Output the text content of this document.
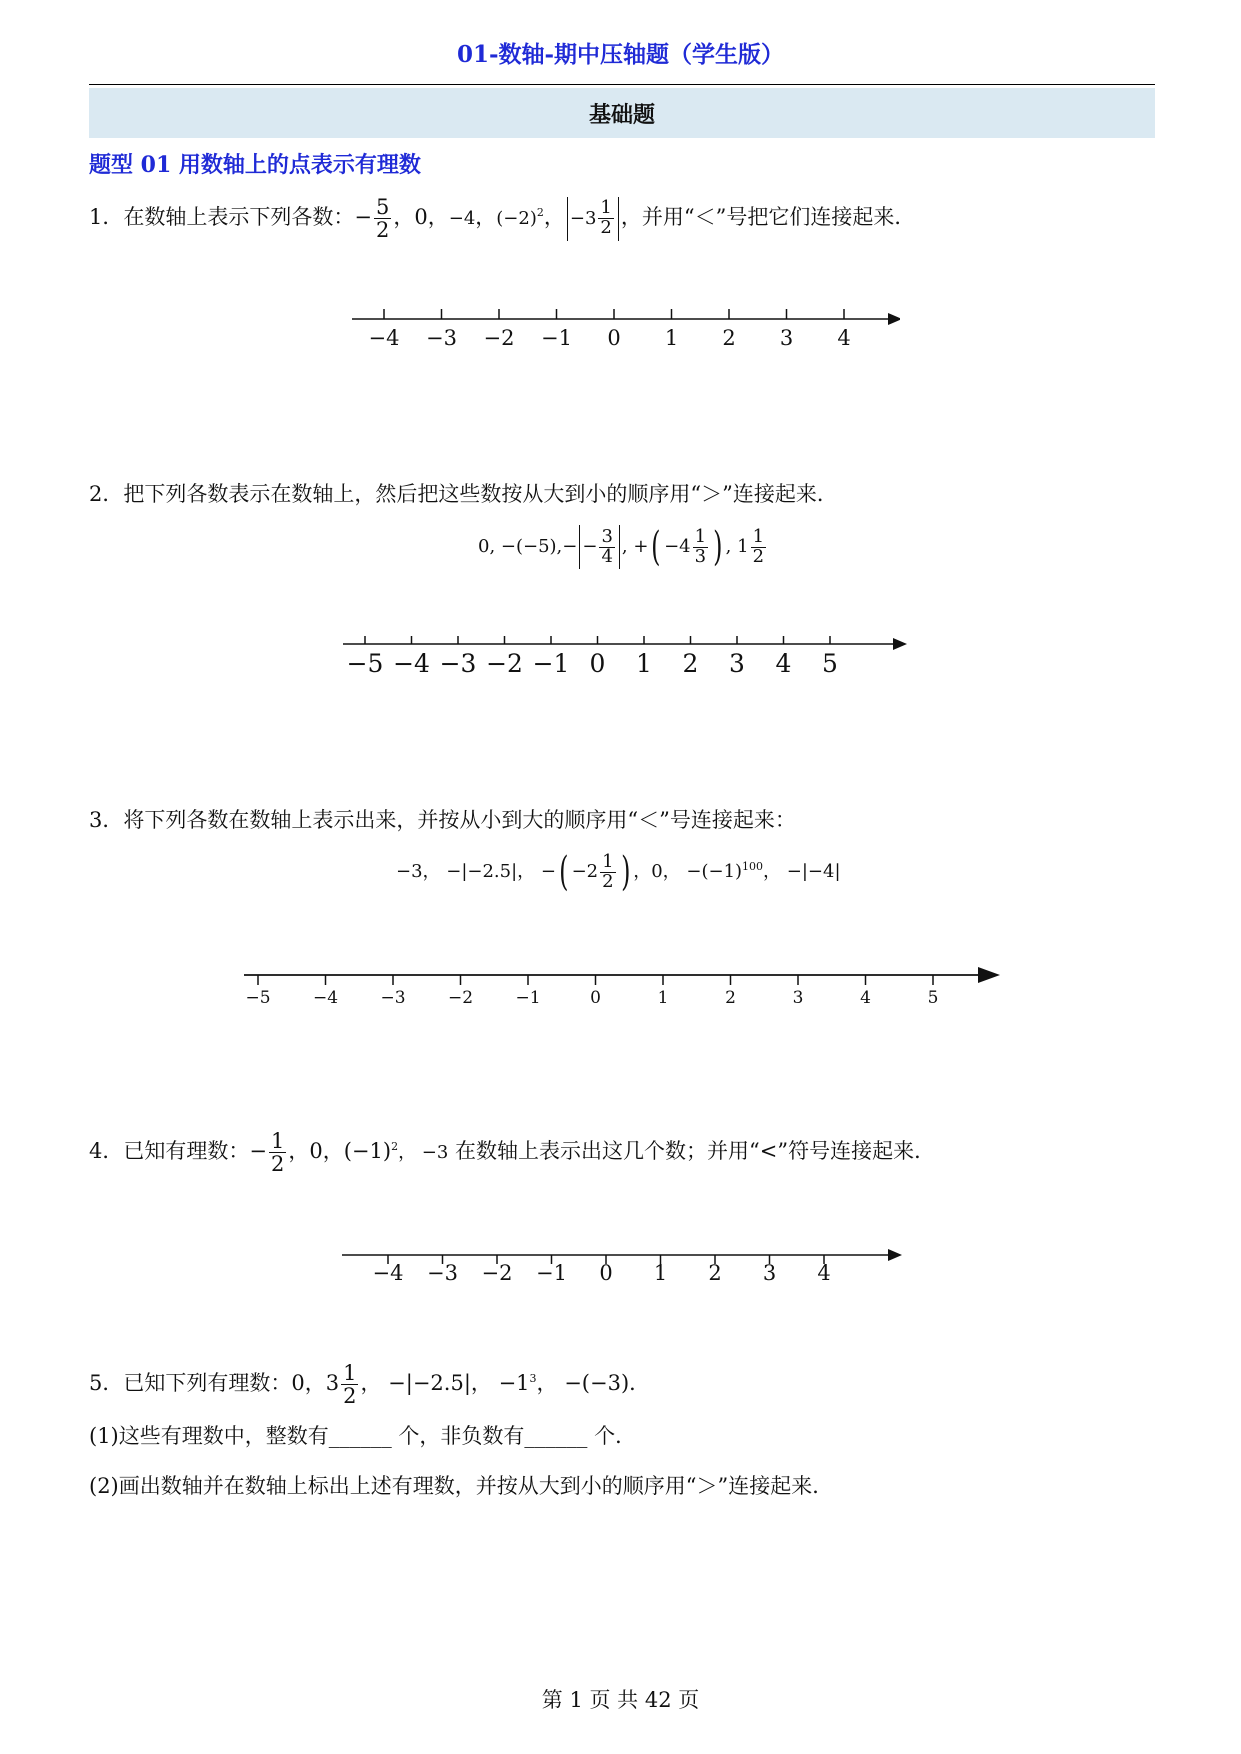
01-数轴-期中压轴题（学生版）
基础题
题型 01 用数轴上的点表示有理数
1．在数轴上表示下列各数：− $\frac{5}{2}$ ，0，−4，$(-2)^2$， $-3 \frac{1}{2}$ ，并用“＜”号把它们连接起来．
−4 −3 −2 −1 0 1 2 3 4
2．把下列各数表示在数轴上，然后把这些数按从大到小的顺序用“＞”连接起来．
0, $-(-5),- - \frac{3}{4}$ , +( $-4 \frac{1}{3}$ ) , $1 \frac{1}{2}$
−5 −4 −3 −2 −1 0 1 2 3 4 5
3．将下列各数在数轴上表示出来，并按从小到大的顺序用“＜”号连接起来：
−3， −|−2.5|， −( $-2 \frac{1}{2}$ ) ，0， $-(-1)^{100}$， −|−4|
−5 −4 −3 −2 −1	0	1	2	3	4	5
4．已知有理数：− $\frac{1}{2}$ ，0，$(-1)^2$， −3 在数轴上表示出这几个数；并用“<”符号连接起来．
−4 −3 −2 −1 0 1 2 3 4
5．已知下列有理数：0，$3 \frac{1}{2}$ ， −|−2.5|， $-1^3$， −(−3)．
(1)这些有理数中，整数有______ 个，非负数有______ 个．
(2)画出数轴并在数轴上标出上述有理数，并按从大到小的顺序用“＞”连接起来．
第 1 页 共 42 页
